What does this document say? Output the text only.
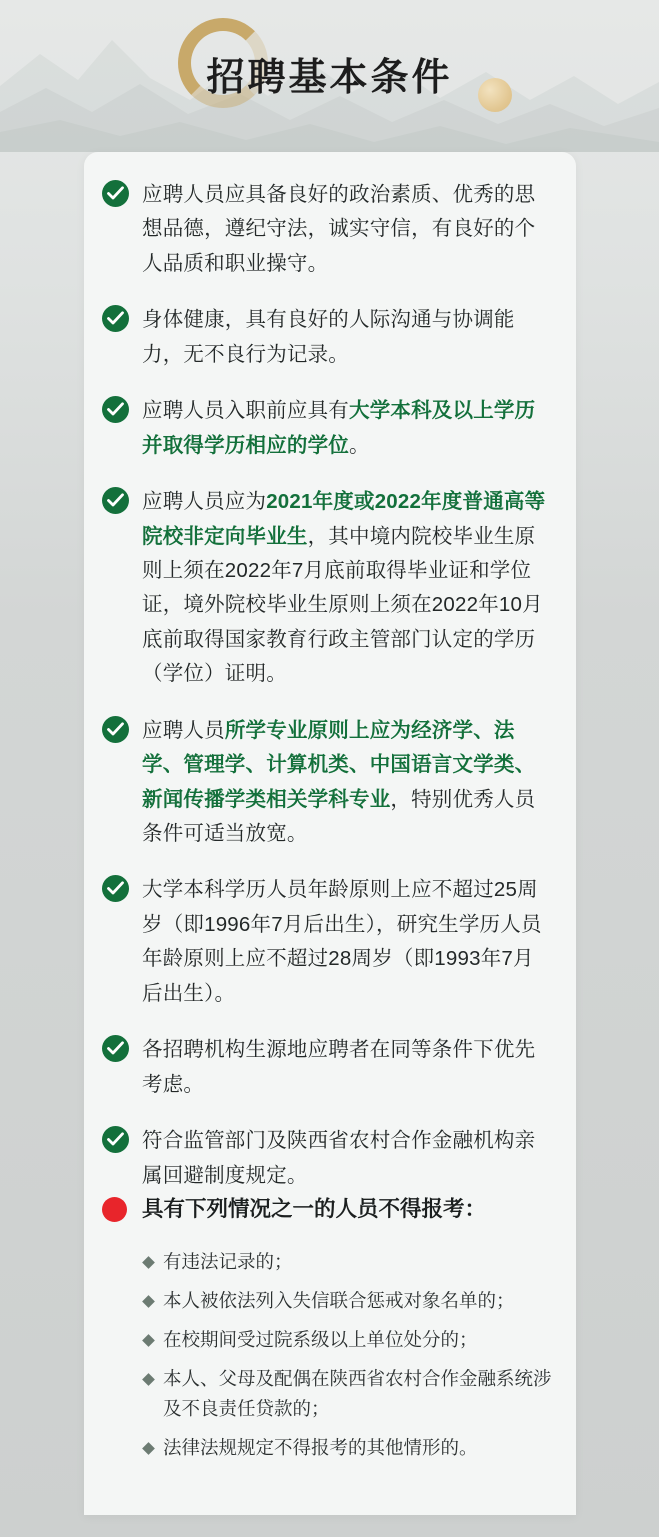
招聘基本条件
应聘人员应具备良好的政治素质、优秀的思想品德，遵纪守法，诚实守信，有良好的个人品质和职业操守。
身体健康，具有良好的人际沟通与协调能力，无不良行为记录。
应聘人员入职前应具有大学本科及以上学历并取得学历相应的学位。
应聘人员应为2021年度或2022年度普通高等院校非定向毕业生，其中境内院校毕业生原则上须在2022年7月底前取得毕业证和学位证，境外院校毕业生原则上须在2022年10月底前取得国家教育行政主管部门认定的学历（学位）证明。
应聘人员所学专业原则上应为经济学、法学、管理学、计算机类、中国语言文学类、新闻传播学类相关学科专业，特别优秀人员条件可适当放宽。
大学本科学历人员年龄原则上应不超过25周岁（即1996年7月后出生），研究生学历人员年龄原则上应不超过28周岁（即1993年7月后出生）。
各招聘机构生源地应聘者在同等条件下优先考虑。
符合监管部门及陕西省农村合作金融机构亲属回避制度规定。
具有下列情况之一的人员不得报考：
有违法记录的；
本人被依法列入失信联合惩戒对象名单的；
在校期间受过院系级以上单位处分的；
本人、父母及配偶在陕西省农村合作金融系统涉及不良责任贷款的；
法律法规规定不得报考的其他情形的。
